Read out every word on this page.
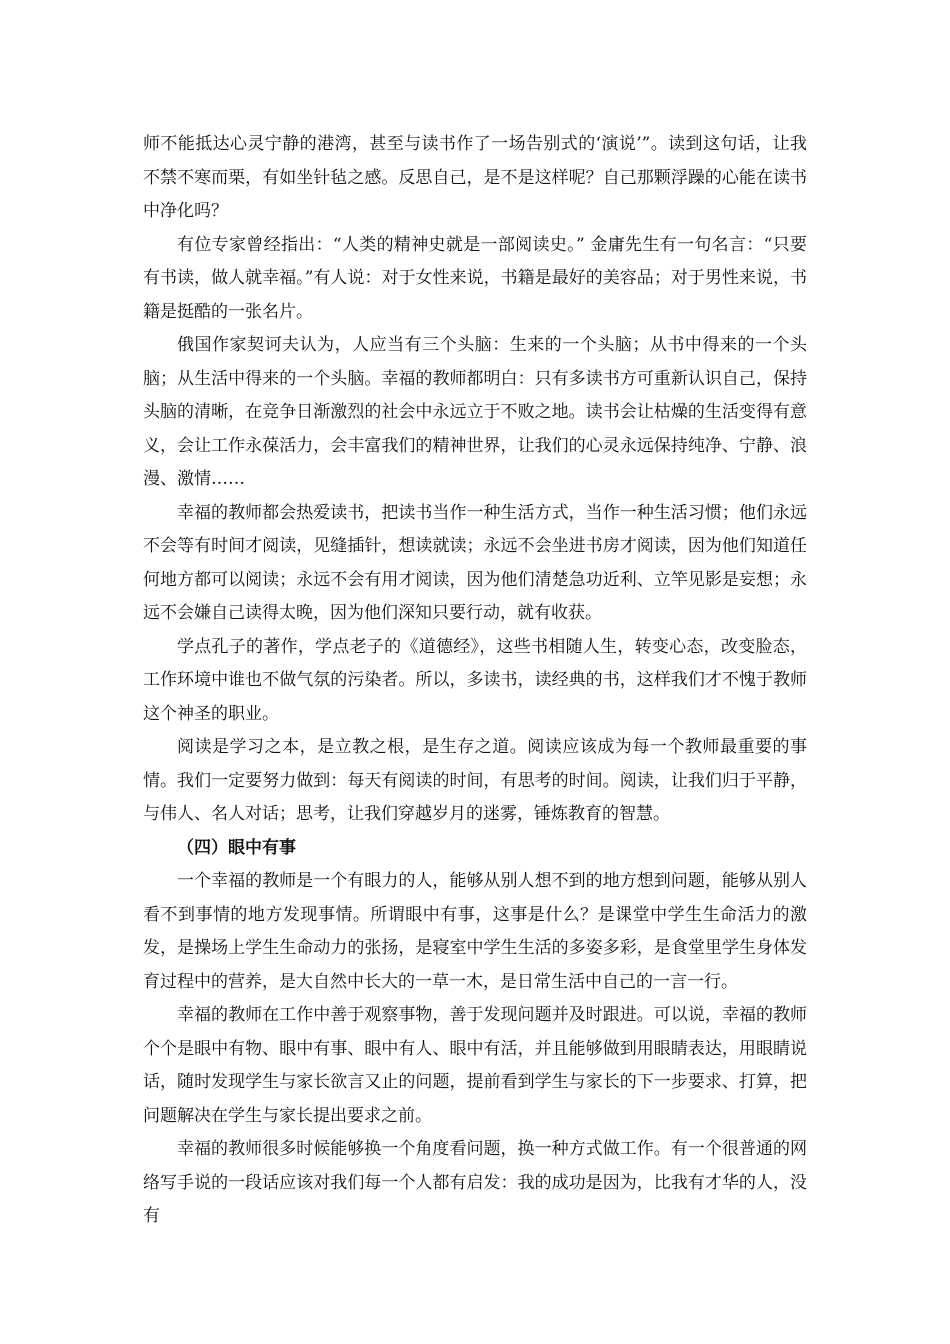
师不能抵达心灵宁静的港湾，甚至与读书作了一场告别式的‘演说’”。读到这句话，让我不禁不寒而栗，有如坐针毡之感。反思自己，是不是这样呢？自己那颗浮躁的心能在读书中净化吗？

有位专家曾经指出：“人类的精神史就是一部阅读史。” 金庸先生有一句名言：“只要有书读，做人就幸福。”有人说：对于女性来说，书籍是最好的美容品；对于男性来说，书籍是挺酷的一张名片。

俄国作家契诃夫认为，人应当有三个头脑：生来的一个头脑；从书中得来的一个头脑；从生活中得来的一个头脑。幸福的教师都明白：只有多读书方可重新认识自己，保持头脑的清晰，在竞争日渐激烈的社会中永远立于不败之地。读书会让枯燥的生活变得有意义，会让工作永葆活力，会丰富我们的精神世界，让我们的心灵永远保持纯净、宁静、浪漫、激情……

幸福的教师都会热爱读书，把读书当作一种生活方式，当作一种生活习惯；他们永远不会等有时间才阅读，见缝插针，想读就读；永远不会坐进书房才阅读，因为他们知道任何地方都可以阅读；永远不会有用才阅读，因为他们清楚急功近利、立竿见影是妄想；永远不会嫌自己读得太晚，因为他们深知只要行动，就有收获。

学点孔子的著作，学点老子的《道德经》，这些书相随人生，转变心态，改变脸态，工作环境中谁也不做气氛的污染者。所以，多读书，读经典的书，这样我们才不愧于教师这个神圣的职业。

阅读是学习之本，是立教之根，是生存之道。阅读应该成为每一个教师最重要的事情。我们一定要努力做到：每天有阅读的时间，有思考的时间。阅读，让我们归于平静，与伟人、名人对话；思考，让我们穿越岁月的迷雾，锤炼教育的智慧。

（四）眼中有事

一个幸福的教师是一个有眼力的人，能够从别人想不到的地方想到问题，能够从别人看不到事情的地方发现事情。所谓眼中有事，这事是什么？是课堂中学生生命活力的激发，是操场上学生生命动力的张扬，是寝室中学生生活的多姿多彩，是食堂里学生身体发育过程中的营养，是大自然中长大的一草一木，是日常生活中自己的一言一行。

幸福的教师在工作中善于观察事物，善于发现问题并及时跟进。可以说，幸福的教师个个是眼中有物、眼中有事、眼中有人、眼中有活，并且能够做到用眼睛表达，用眼睛说话，随时发现学生与家长欲言又止的问题，提前看到学生与家长的下一步要求、打算，把问题解决在学生与家长提出要求之前。

幸福的教师很多时候能够换一个角度看问题，换一种方式做工作。有一个很普通的网络写手说的一段话应该对我们每一个人都有启发：我的成功是因为，比我有才华的人，没有
